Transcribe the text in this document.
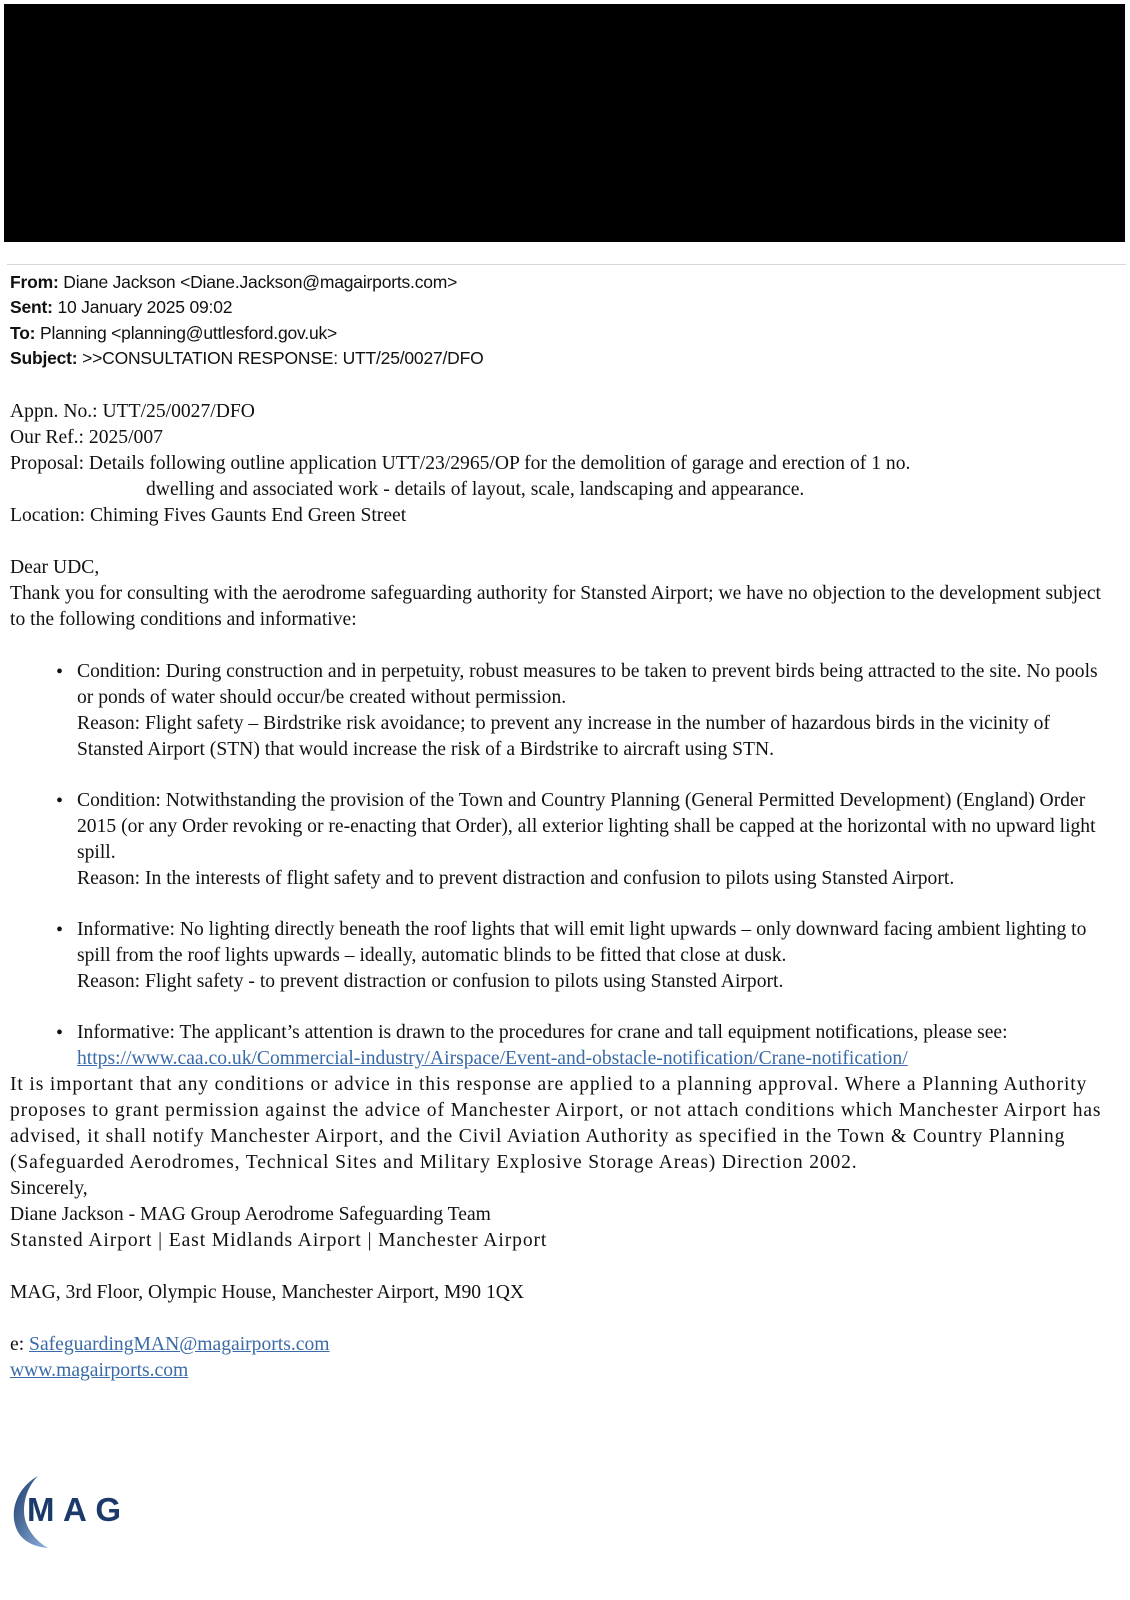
From: Diane Jackson <Diane.Jackson@magairports.com>
Sent: 10 January 2025 09:02
To: Planning <planning@uttlesford.gov.uk>
Subject: >>CONSULTATION RESPONSE: UTT/25/0027/DFO
Appn. No.: UTT/25/0027/DFO
Our Ref.: 2025/007
Proposal: Details following outline application UTT/23/2965/OP for the demolition of garage and erection of 1 no.
dwelling and associated work - details of layout, scale, landscaping and appearance.
Location: Chiming Fives Gaunts End Green Street
Dear UDC,
Thank you for consulting with the aerodrome safeguarding authority for Stansted Airport; we have no objection to the development subject to the following conditions and informative:
• Condition: During construction and in perpetuity, robust measures to be taken to prevent birds being attracted to the site. No pools or ponds of water should occur/be created without permission.
Reason: Flight safety – Birdstrike risk avoidance; to prevent any increase in the number of hazardous birds in the vicinity of Stansted Airport (STN) that would increase the risk of a Birdstrike to aircraft using STN.
• Condition: Notwithstanding the provision of the Town and Country Planning (General Permitted Development) (England) Order 2015 (or any Order revoking or re-enacting that Order), all exterior lighting shall be capped at the horizontal with no upward light spill.
Reason: In the interests of flight safety and to prevent distraction and confusion to pilots using Stansted Airport.
• Informative: No lighting directly beneath the roof lights that will emit light upwards – only downward facing ambient lighting to spill from the roof lights upwards – ideally, automatic blinds to be fitted that close at dusk.
Reason: Flight safety - to prevent distraction or confusion to pilots using Stansted Airport.
• Informative: The applicant’s attention is drawn to the procedures for crane and tall equipment notifications, please see: https://www.caa.co.uk/Commercial-industry/Airspace/Event-and-obstacle-notification/Crane-notification/
It is important that any conditions or advice in this response are applied to a planning approval. Where a Planning Authority proposes to grant permission against the advice of Manchester Airport, or not attach conditions which Manchester Airport has advised, it shall notify Manchester Airport, and the Civil Aviation Authority as specified in the Town & Country Planning (Safeguarded Aerodromes, Technical Sites and Military Explosive Storage Areas) Direction 2002.
Sincerely,
Diane Jackson - MAG Group Aerodrome Safeguarding Team
Stansted Airport | East Midlands Airport | Manchester Airport
MAG, 3rd Floor, Olympic House, Manchester Airport, M90 1QX
e: SafeguardingMAN@magairports.com
www.magairports.com
MAG
